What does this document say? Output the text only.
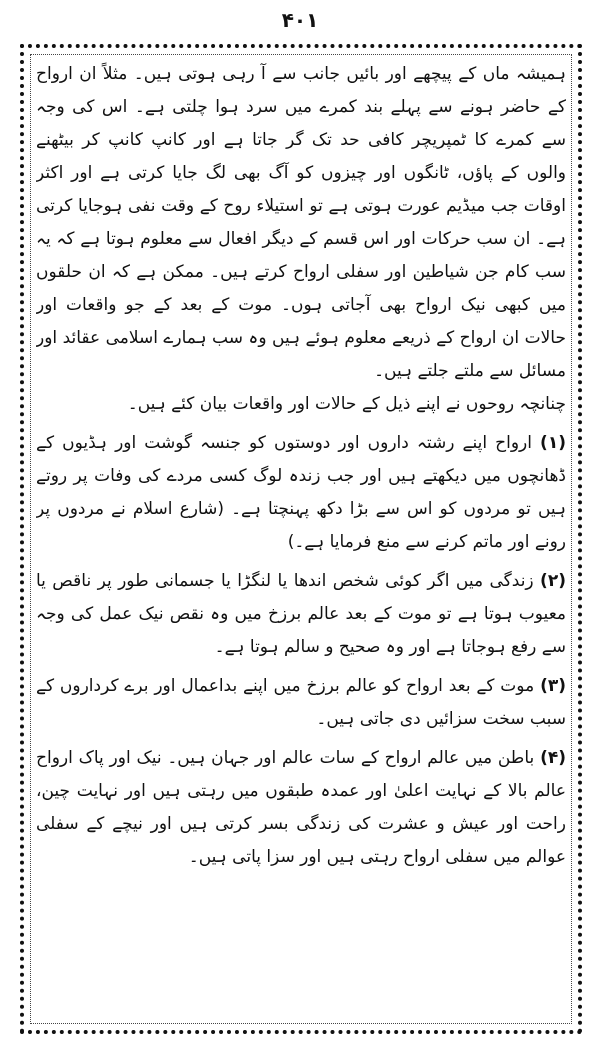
۴۰۱

ہمیشہ ماں کے پیچھے اور بائیں جانب سے آ رہی ہوتی ہیں۔ مثلاً ان ارواح کے حاضر ہونے سے پہلے بند کمرے میں سرد ہوا چلتی ہے۔ اس کی وجہ سے کمرے کا ٹمپریچر کافی حد تک گر جاتا ہے اور کانپ کانپ کر بیٹھنے والوں کے پاؤں، ٹانگوں اور چیزوں کو آگ بھی لگ جایا کرتی ہے اور اکثر اوقات جب میڈیم عورت ہوتی ہے تو استیلاء روح کے وقت نفی ہوجایا کرتی ہے۔ ان سب حرکات اور اس قسم کے دیگر افعال سے معلوم ہوتا ہے کہ یہ سب کام جن شیاطین اور سفلی ارواح کرتے ہیں۔ ممکن ہے کہ ان حلقوں میں کبھی نیک ارواح بھی آجاتی ہوں۔ موت کے بعد کے جو واقعات اور حالات ان ارواح کے ذریعے معلوم ہوئے ہیں وہ سب ہمارے اسلامی عقائد اور مسائل سے ملتے جلتے ہیں۔

چنانچہ روحوں نے اپنے ذیل کے حالات اور واقعات بیان کئے ہیں۔

(۱) ارواح اپنے رشتہ داروں اور دوستوں کو جنسہ گوشت اور ہڈیوں کے ڈھانچوں میں دیکھتے ہیں اور جب زندہ لوگ کسی مردے کی وفات پر روتے ہیں تو مردوں کو اس سے بڑا دکھ پہنچتا ہے۔ (شارع اسلام نے مردوں پر رونے اور ماتم کرنے سے منع فرمایا ہے۔)

(۲) زندگی میں اگر کوئی شخص اندھا یا لنگڑا یا جسمانی طور پر ناقص یا معیوب ہوتا ہے تو موت کے بعد عالم برزخ میں وہ نقص نیک عمل کی وجہ سے رفع ہوجاتا ہے اور وہ صحیح و سالم ہوتا ہے۔

(۳) موت کے بعد ارواح کو عالم برزخ میں اپنے بداعمال اور برے کرداروں کے سبب سخت سزائیں دی جاتی ہیں۔

(۴) باطن میں عالم ارواح کے سات عالم اور جہان ہیں۔ نیک اور پاک ارواح عالم بالا کے نہایت اعلیٰ اور عمدہ طبقوں میں رہتی ہیں اور نہایت چین، راحت اور عیش و عشرت کی زندگی بسر کرتی ہیں اور نیچے کے سفلی عوالم میں سفلی ارواح رہتی ہیں اور سزا پاتی ہیں۔
